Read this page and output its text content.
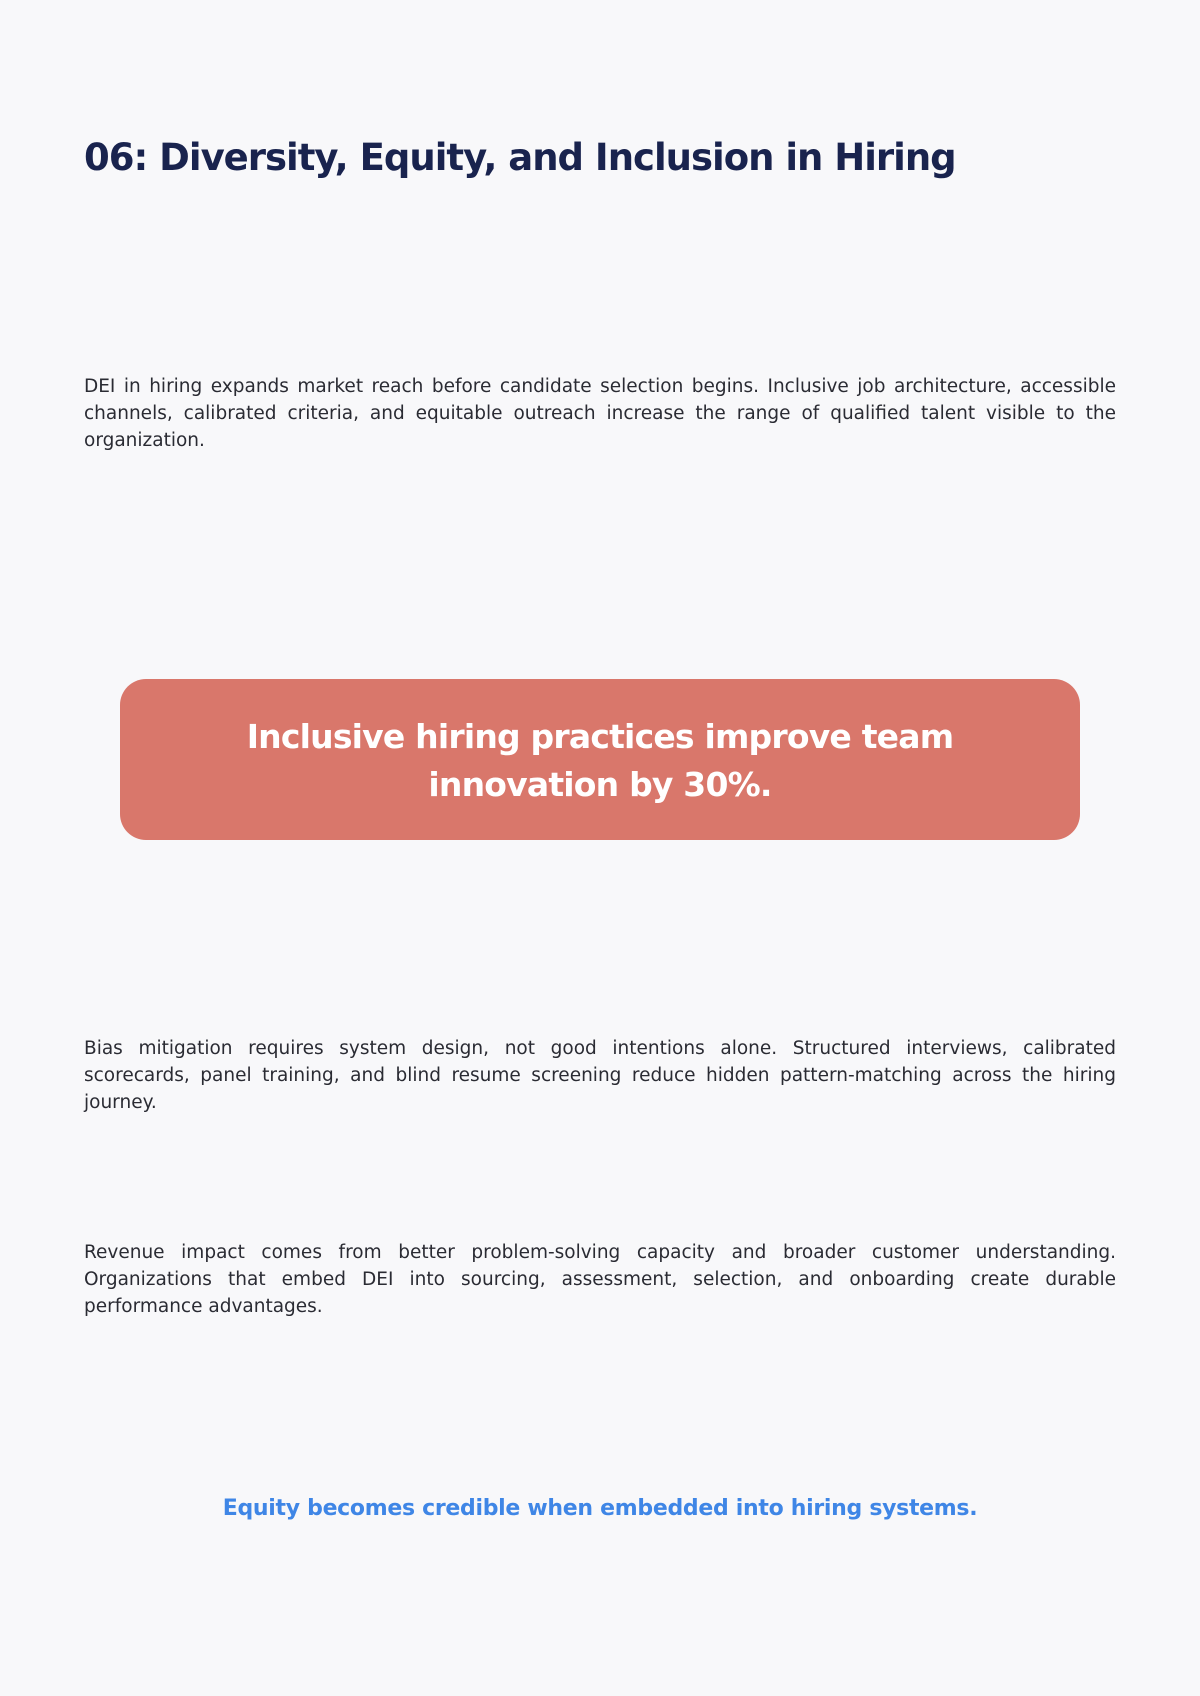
06: Diversity, Equity, and Inclusion in Hiring

DEI in hiring expands market reach before candidate selection begins. Inclusive job architecture, accessible channels, calibrated criteria, and equitable outreach increase the range of qualified talent visible to the organization.

Inclusive hiring practices improve team innovation by 30%.

Bias mitigation requires system design, not good intentions alone. Structured interviews, calibrated scorecards, panel training, and blind resume screening reduce hidden pattern-matching across the hiring journey.

Revenue impact comes from better problem-solving capacity and broader customer understanding. Organizations that embed DEI into sourcing, assessment, selection, and onboarding create durable performance advantages.

Equity becomes credible when embedded into hiring systems.
